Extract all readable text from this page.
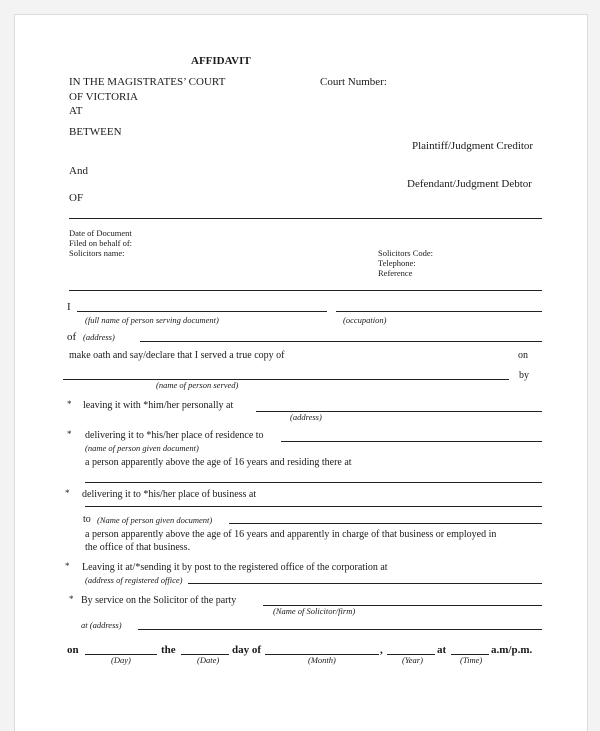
AFFIDAVIT
IN THE MAGISTRATES’ COURT
OF VICTORIA
AT
Court Number:
BETWEEN
Plaintiff/Judgment Creditor
And
Defendant/Judgment Debtor
OF
Date of Document
Filed on behalf of:
Solicitors name:	Solicitors Code:
Telephone:
Reference
I
(full name of person serving document)	(occupation)
of (address)
make oath and say/declare that I served a true copy of	on
by
(name of person served)
* leaving it with *him/her personally at
(address)
* delivering it to *his/her place of residence to
(name of person given document)
a person apparently above the age of 16 years and residing there at
* delivering it to *his/her place of business at
to (Name of person given document)
a person apparently above the age of 16 years and apparently in charge of that business or employed in
the office of that business.
* Leaving it at/*sending it by post to the registered office of the corporation at
(address of registered office)
* By service on the Solicitor of the party
(Name of Solicitor/firm)
at (address)
on
(Day)
the
(Date)
day of
(Month)
,
(Year)
at
(Time)
a.m/p.m.
